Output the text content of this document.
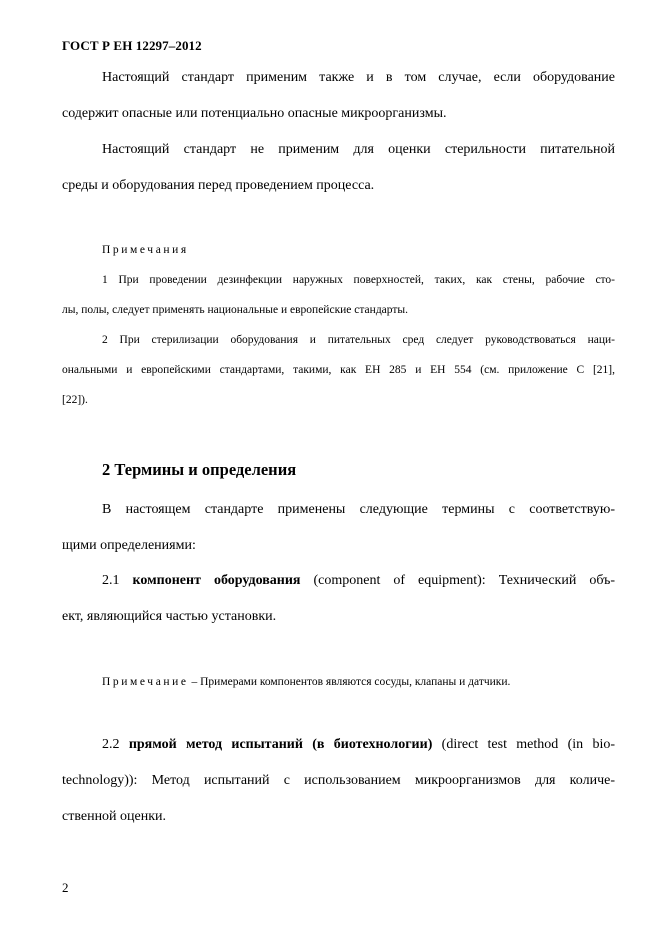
ГОСТ Р ЕН 12297–2012
Настоящий стандарт применим также и в том случае, если оборудование
содержит опасные или потенциально опасные микроорганизмы.
Настоящий стандарт не применим для оценки стерильности питательной
среды и оборудования перед проведением процесса.
Примечания
1 При проведении дезинфекции наружных поверхностей, таких, как стены, рабочие сто-
лы, полы, следует применять национальные и европейские стандарты.
2 При стерилизации оборудования и питательных сред следует руководствоваться нaци-
ональными и европейскими стандартами, такими, как ЕН 285 и ЕН 554 (см. приложение C [21],
[22]).
2 Термины и определения
В настоящем стандарте применены следующие термины с соответствую-
щими определениями:
2.1 компонент оборудования (component of equipment): Технический объ-
ект, являющийся частью установки.
Примечание – Примерами компонентов являются сосуды, клапаны и датчики.
2.2 прямой метод испытаний (в биотехнологии) (direct test method (in bio-
technology)): Метод испытаний с использованием микроорганизмов для количе-
ственной оценки.
2
